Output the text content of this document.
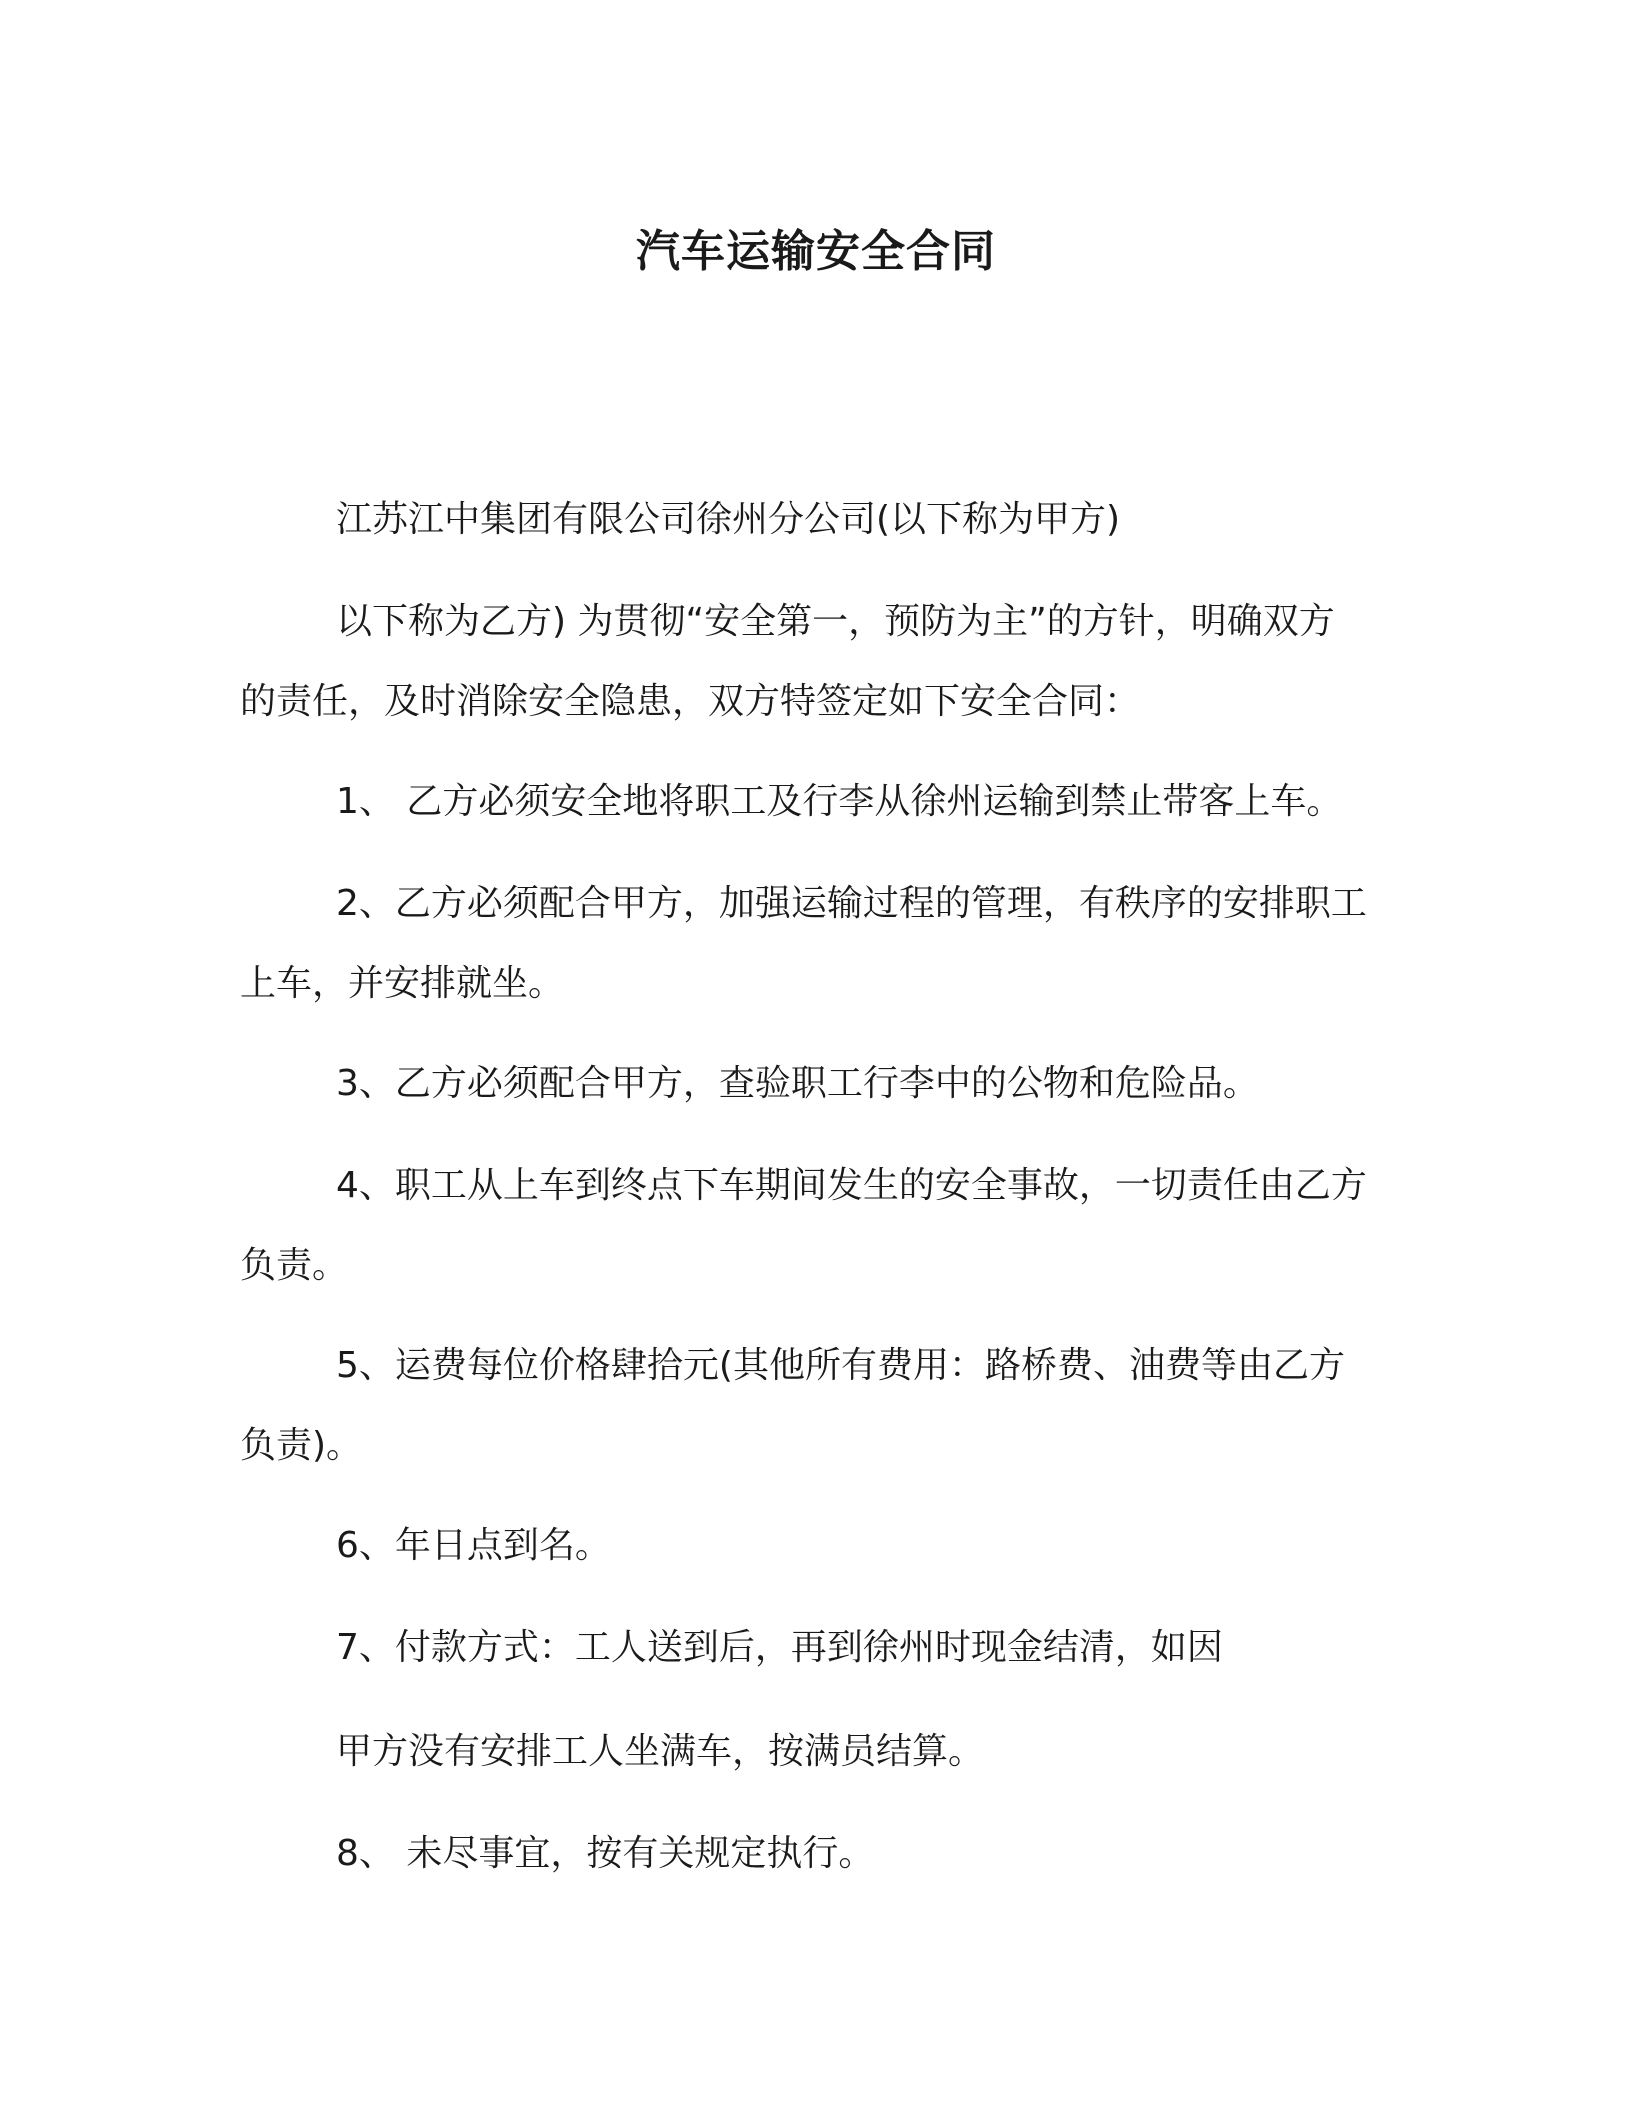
汽车运输安全合同

江苏江中集团有限公司徐州分公司(以下称为甲方)

以下称为乙方) 为贯彻“安全第一，预防为主”的方针，明确双方的责任，及时消除安全隐患，双方特签定如下安全合同：

1、 乙方必须安全地将职工及行李从徐州运输到禁止带客上车。

2、乙方必须配合甲方，加强运输过程的管理，有秩序的安排职工上车，并安排就坐。

3、乙方必须配合甲方，查验职工行李中的公物和危险品。

4、职工从上车到终点下车期间发生的安全事故，一切责任由乙方负责。

5、运费每位价格肆拾元(其他所有费用：路桥费、油费等由乙方负责)。

6、年日点到名。

7、付款方式：工人送到后，再到徐州时现金结清，如因

甲方没有安排工人坐满车，按满员结算。

8、 未尽事宜，按有关规定执行。
